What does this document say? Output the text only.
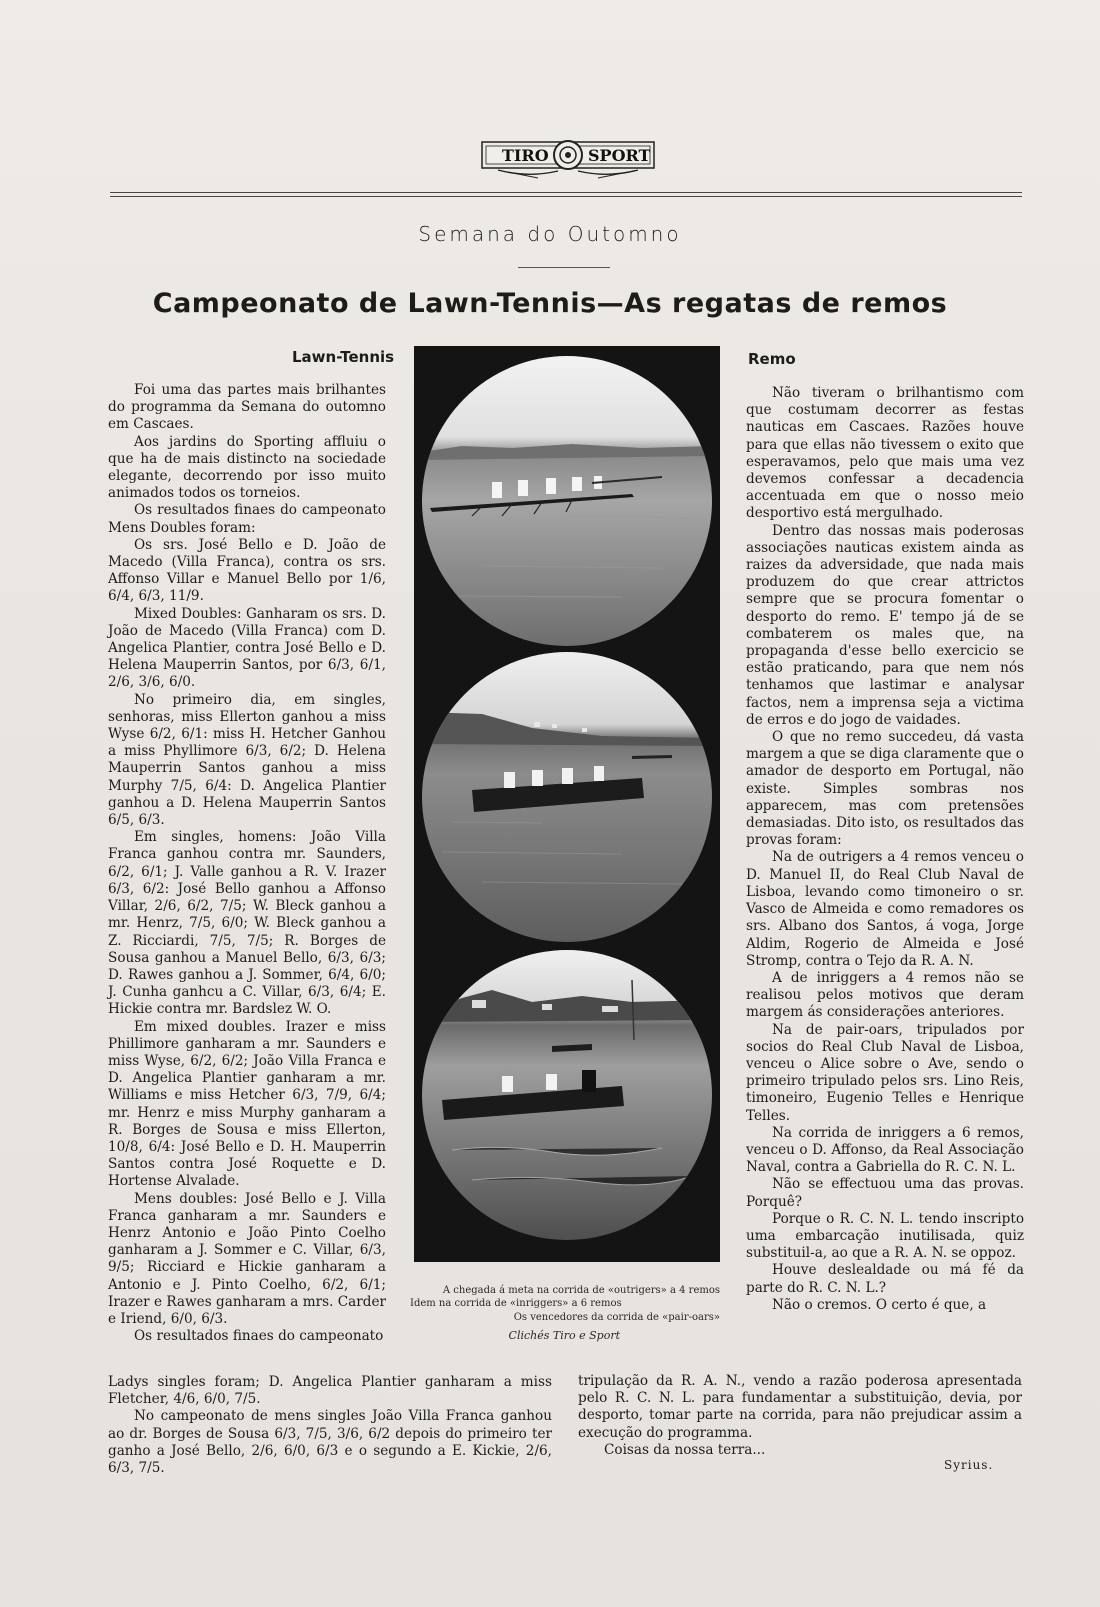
TIRO SPORT
Semana do Outomno
Campeonato de Lawn-Tennis—As regatas de remos
Lawn-Tennis

Foi uma das partes mais brilhantes do programma da Semana do outomno em Cascaes.

Aos jardins do Sporting affluiu o que ha de mais distincto na sociedade elegante, decorrendo por isso muito animados todos os torneios.

Os resultados finaes do campeonato Mens Doubles foram:

Os srs. José Bello e D. João de Macedo (Villa Franca), contra os srs. Affonso Villar e Manuel Bello por 1/6, 6/4, 6/3, 11/9.

Mixed Doubles: Ganharam os srs. D. João de Macedo (Villa Franca) com D. Angelica Plantier, contra José Bello e D. Helena Mauperrin Santos, por 6/3, 6/1, 2/6, 3/6, 6/0.

No primeiro dia, em singles, senhoras, miss Ellerton ganhou a miss Wyse 6/2, 6/1: miss H. Hetcher Ganhou a miss Phyllimore 6/3, 6/2; D. Helena Mauperrin Santos ganhou a miss Murphy 7/5, 6/4: D. Angelica Plantier ganhou a D. Helena Mauperrin Santos 6/5, 6/3.

Em singles, homens: João Villa Franca ganhou contra mr. Saunders, 6/2, 6/1; J. Valle ganhou a R. V. Irazer 6/3, 6/2: José Bello ganhou a Affonso Villar, 2/6, 6/2, 7/5; W. Bleck ganhou a mr. Henrz, 7/5, 6/0; W. Bleck ganhou a Z. Ricciardi, 7/5, 7/5; R. Borges de Sousa ganhou a Manuel Bello, 6/3, 6/3; D. Rawes ganhou a J. Sommer, 6/4, 6/0; J. Cunha ganhcu a C. Villar, 6/3, 6/4; E. Hickie contra mr. Bardslez W. O.

Em mixed doubles. Irazer e miss Phillimore ganharam a mr. Saunders e miss Wyse, 6/2, 6/2; João Villa Franca e D. Angelica Plantier ganharam a mr. Williams e miss Hetcher 6/3, 7/9, 6/4; mr. Henrz e miss Murphy ganharam a R. Borges de Sousa e miss Ellerton, 10/8, 6/4: José Bello e D. H. Mauperrin Santos contra José Roquette e D. Hortense Alvalade.

Mens doubles: José Bello e J. Villa Franca ganharam a mr. Saunders e Henrz Antonio e João Pinto Coelho ganharam a J. Sommer e C. Villar, 6/3, 9/5; Ricciard e Hickie ganharam a Antonio e J. Pinto Coelho, 6/2, 6/1; Irazer e Rawes ganharam a mrs. Carder e Iriend, 6/0, 6/3.

Os resultados finaes do campeonato

Ladys singles foram; D. Angelica Plantier ganharam a miss Fletcher, 4/6, 6/0, 7/5.

No campeonato de mens singles João Villa Franca ganhou ao dr. Borges de Sousa 6/3, 7/5, 3/6, 6/2 depois do primeiro ter ganho a José Bello, 2/6, 6/0, 6/3 e o segundo a E. Kickie, 2/6, 6/3, 7/5.

A chegada á meta na corrida de «outrigers» a 4 remos
Idem na corrida de «inriggers» a 6 remos
Os vencedores da corrida de «pair-oars»
Clichés Tiro e Sport
Remo

Não tiveram o brilhantismo com que costumam decorrer as festas nauticas em Cascaes. Razões houve para que ellas não tivessem o exito que esperavamos, pelo que mais uma vez devemos confessar a decadencia accentuada em que o nosso meio desportivo está mergulhado.

Dentro das nossas mais poderosas associações nauticas existem ainda as raizes da adversidade, que nada mais produzem do que crear attrictos sempre que se procura fomentar o desporto do remo. E' tempo já de se combaterem os males que, na propaganda d'esse bello exercicio se estão praticando, para que nem nós tenhamos que lastimar e analysar factos, nem a imprensa seja a victima de erros e do jogo de vaidades.

O que no remo succedeu, dá vasta margem a que se diga claramente que o amador de desporto em Portugal, não existe. Simples sombras nos apparecem, mas com pretensões demasiadas. Dito isto, os resultados das provas foram:

Na de outrigers a 4 remos venceu o D. Manuel II, do Real Club Naval de Lisboa, levando como timoneiro o sr. Vasco de Almeida e como remadores os srs. Albano dos Santos, á voga, Jorge Aldim, Rogerio de Almeida e José Stromp, contra o Tejo da R. A. N.

A de inriggers a 4 remos não se realisou pelos motivos que deram margem ás considerações anteriores.

Na de pair-oars, tripulados por socios do Real Club Naval de Lisboa, venceu o Alice sobre o Ave, sendo o primeiro tripulado pelos srs. Lino Reis, timoneiro, Eugenio Telles e Henrique Telles.

Na corrida de inriggers a 6 remos, venceu o D. Affonso, da Real Associação Naval, contra a Gabriella do R. C. N. L.

Não se effectuou uma das provas. Porquê?

Porque o R. C. N. L. tendo inscripto uma embarcação inutilisada, quiz substituil-a, ao que a R. A. N. se oppoz.

Houve deslealdade ou má fé da parte do R. C. N. L.?

Não o cremos. O certo é que, a

tripulação da R. A. N., vendo a razão poderosa apresentada pelo R. C. N. L. para fundamentar a substituição, devia, por desporto, tomar parte na corrida, para não prejudicar assim a execução do programma.

Coisas da nossa terra...

Syrius.
